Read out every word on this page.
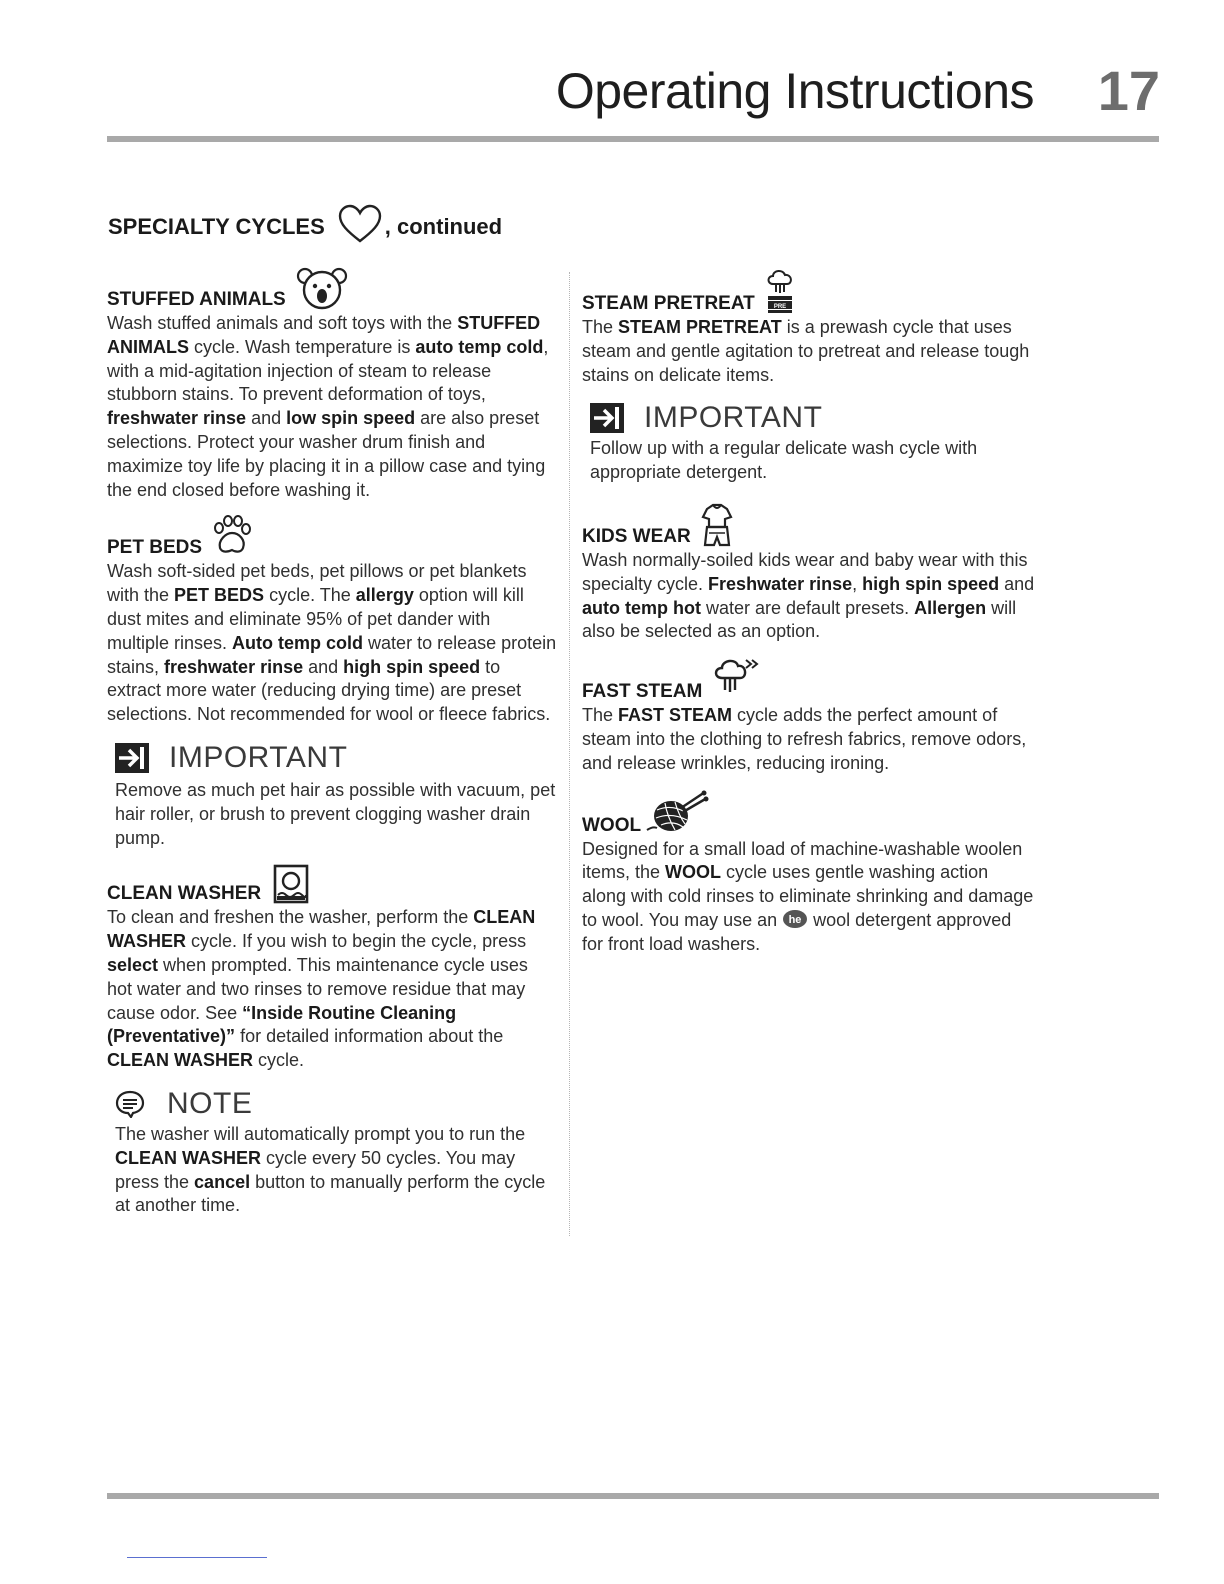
Operating Instructions 17
SPECIALTY CYCLES	, continued
STUFFED ANIMALS

Wash stuffed animals and soft toys with the STUFFED ANIMALS cycle. Wash temperature is auto temp cold, with a mid-agitation injection of steam to release stubborn stains. To prevent deformation of toys, freshwater rinse and low spin speed are also preset selections. Protect your washer drum finish and maximize toy life by placing it in a pillow case and tying the end closed before washing it.

PET BEDS

Wash soft-sided pet beds, pet pillows or pet blankets with the PET BEDS cycle. The allergy option will kill dust mites and eliminate 95% of pet dander with multiple rinses. Auto temp cold water to release protein stains, freshwater rinse and high spin speed to extract more water (reducing drying time) are preset selections. Not recommended for wool or fleece fabrics.

IMPORTANT

Remove as much pet hair as possible with vacuum, pet hair roller, or brush to prevent clogging washer drain pump.

CLEAN WASHER

To clean and freshen the washer, perform the CLEAN WASHER cycle. If you wish to begin the cycle, press select when prompted. This maintenance cycle uses hot water and two rinses to remove residue that may cause odor. See “Inside Routine Cleaning (Preventative)” for detailed information about the CLEAN WASHER cycle.

NOTE

The washer will automatically prompt you to run the CLEAN WASHER cycle every 50 cycles. You may press the cancel button to manually perform the cycle at another time.

STEAM PRETREAT	PRE

The STEAM PRETREAT is a prewash cycle that uses steam and gentle agitation to pretreat and release tough stains on delicate items.

IMPORTANT

Follow up with a regular delicate wash cycle with appropriate detergent.

KIDS WEAR

Wash normally-soiled kids wear and baby wear with this specialty cycle. Freshwater rinse, high spin speed and auto temp hot water are default presets. Allergen will also be selected as an option.

FAST STEAM

The FAST STEAM cycle adds the perfect amount of steam into the clothing to refresh fabrics, remove odors, and release wrinkles, reducing ironing.

WOOL

Designed for a small load of machine-washable woolen items, the WOOL cycle uses gentle washing action along with cold rinses to eliminate shrinking and damage to wool. You may use an he wool detergent approved for front load washers.
